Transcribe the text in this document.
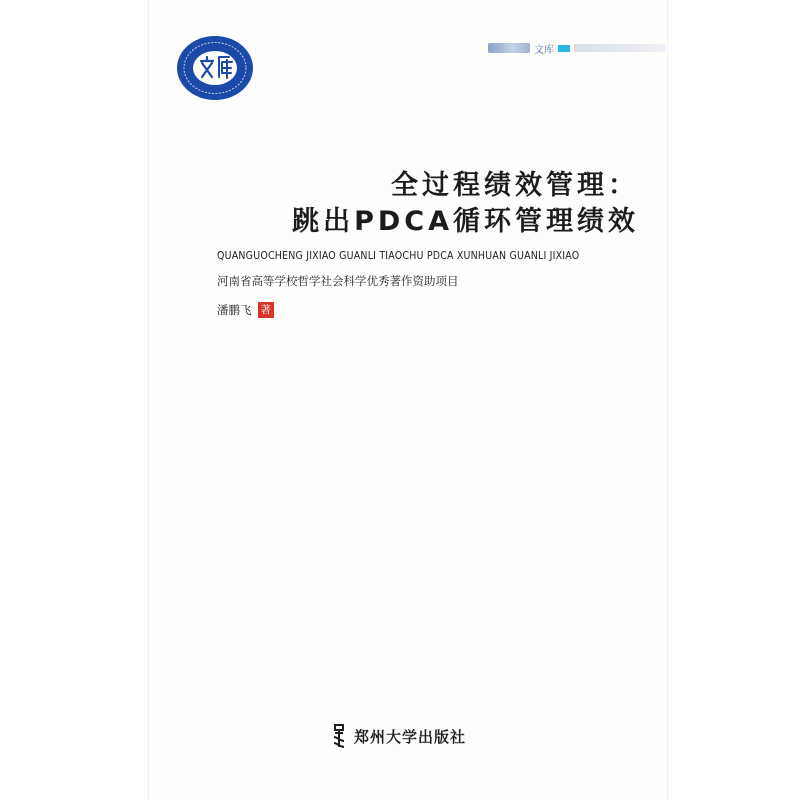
文库
全过程绩效管理：
跳出PDCA循环管理绩效
QUANGUOCHENG JIXIAO GUANLI TIAOCHU PDCA XUNHUAN GUANLI JIXIAO
河南省高等学校哲学社会科学优秀著作资助项目
潘鹏飞 著
郑州大学出版社
